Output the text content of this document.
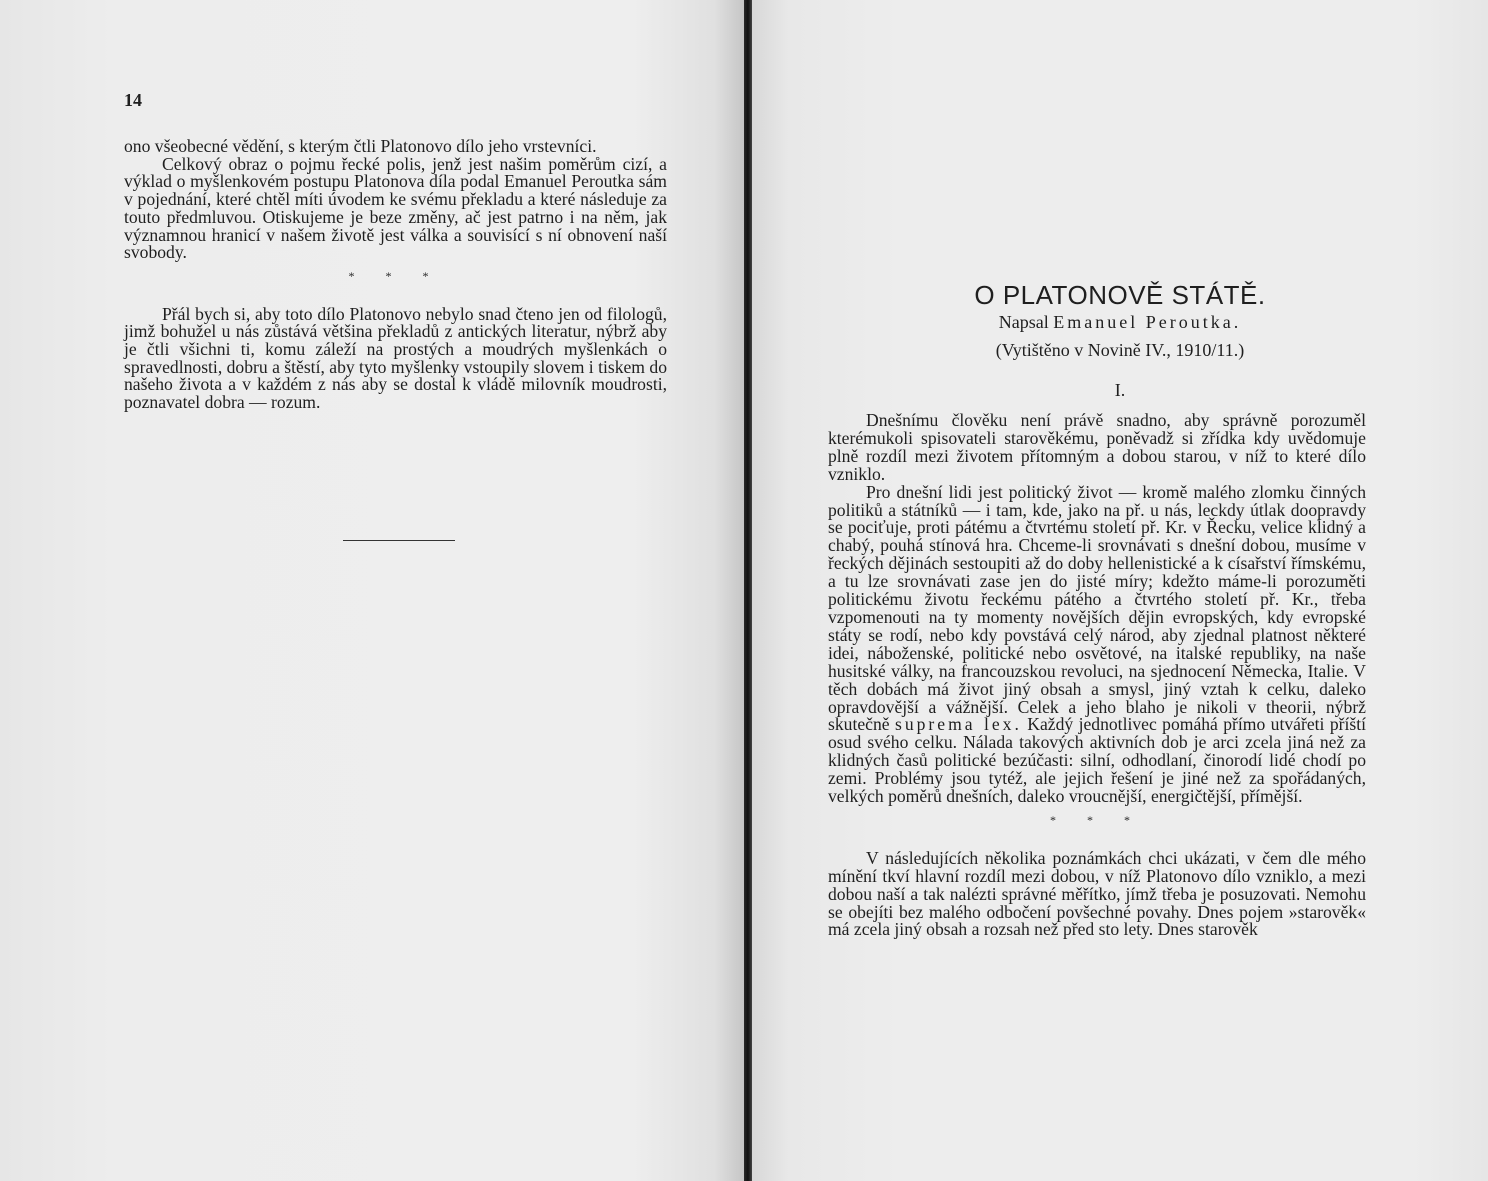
14

ono všeobecné vědění, s kterým čtli Platonovo dílo jeho vrstevníci.

Celkový obraz o pojmu řecké polis, jenž jest našim poměrům cizí, a výklad o myšlenkovém postupu Platonova díla podal Emanuel Peroutka sám v pojednání, které chtěl míti úvodem ke svému překladu a které následuje za touto předmluvou. Otiskujeme je beze změny, ač jest patrno i na něm, jak významnou hranicí v našem životě jest válka a souvisící s ní obnovení naší svobody.

* * *

Přál bych si, aby toto dílo Platonovo nebylo snad čteno jen od filologů, jimž bohužel u nás zůstává většina překladů z antických literatur, nýbrž aby je čtli všichni ti, komu záleží na prostých a moudrých myšlenkách o spravedlnosti, dobru a štěstí, aby tyto myšlenky vstoupily slovem i tiskem do našeho života a v každém z nás aby se dostal k vládě milovník moudrosti, poznavatel dobra — rozum.

O PLATONOVĚ STÁTĚ.
Napsal Emanuel Peroutka.
(Vytištěno v Novině IV., 1910/11.)
I.

Dnešnímu člověku není právě snadno, aby správně porozuměl kterémukoli spisovateli starověkému, poněvadž si zřídka kdy uvědomuje plně rozdíl mezi životem přítomným a dobou starou, v níž to které dílo vzniklo.

Pro dnešní lidi jest politický život — kromě malého zlomku činných politiků a státníků — i tam, kde, jako na př. u nás, leckdy útlak doopravdy se pociťuje, proti pátému a čtvrtému století př. Kr. v Řecku, velice klidný a chabý, pouhá stínová hra. Chceme-li srovnávati s dnešní dobou, musíme v řeckých dějinách sestoupiti až do doby hellenistické a k císařství římskému, a tu lze srovnávati zase jen do jisté míry; kdežto máme-li porozuměti politickému životu řeckému pátého a čtvrtého století př. Kr., třeba vzpomenouti na ty momenty novějších dějin evropských, kdy evropské státy se rodí, nebo kdy povstává celý národ, aby zjednal platnost některé idei, náboženské, politické nebo osvětové, na italské republiky, na naše husitské války, na francouzskou revoluci, na sjednocení Německa, Italie. V těch dobách má život jiný obsah a smysl, jiný vztah k celku, daleko opravdovější a vážnější. Celek a jeho blaho je nikoli v theorii, nýbrž skutečně suprema lex. Každý jednotlivec pomáhá přímo utvářeti příští osud svého celku. Nálada takových aktivních dob je arci zcela jiná než za klidných časů politické bezúčasti: silní, odhodlaní, činorodí lidé chodí po zemi. Problémy jsou tytéž, ale jejich řešení je jiné než za spořádaných, velkých poměrů dnešních, daleko vroucnější, energičtější, přímější.

* * *

V následujících několika poznámkách chci ukázati, v čem dle mého mínění tkví hlavní rozdíl mezi dobou, v níž Platonovo dílo vzniklo, a mezi dobou naší a tak nalézti správné měřítko, jímž třeba je posuzovati. Nemohu se obejíti bez malého odbočení povšechné povahy. Dnes pojem »starověk« má zcela jiný obsah a rozsah než před sto lety. Dnes starověk
